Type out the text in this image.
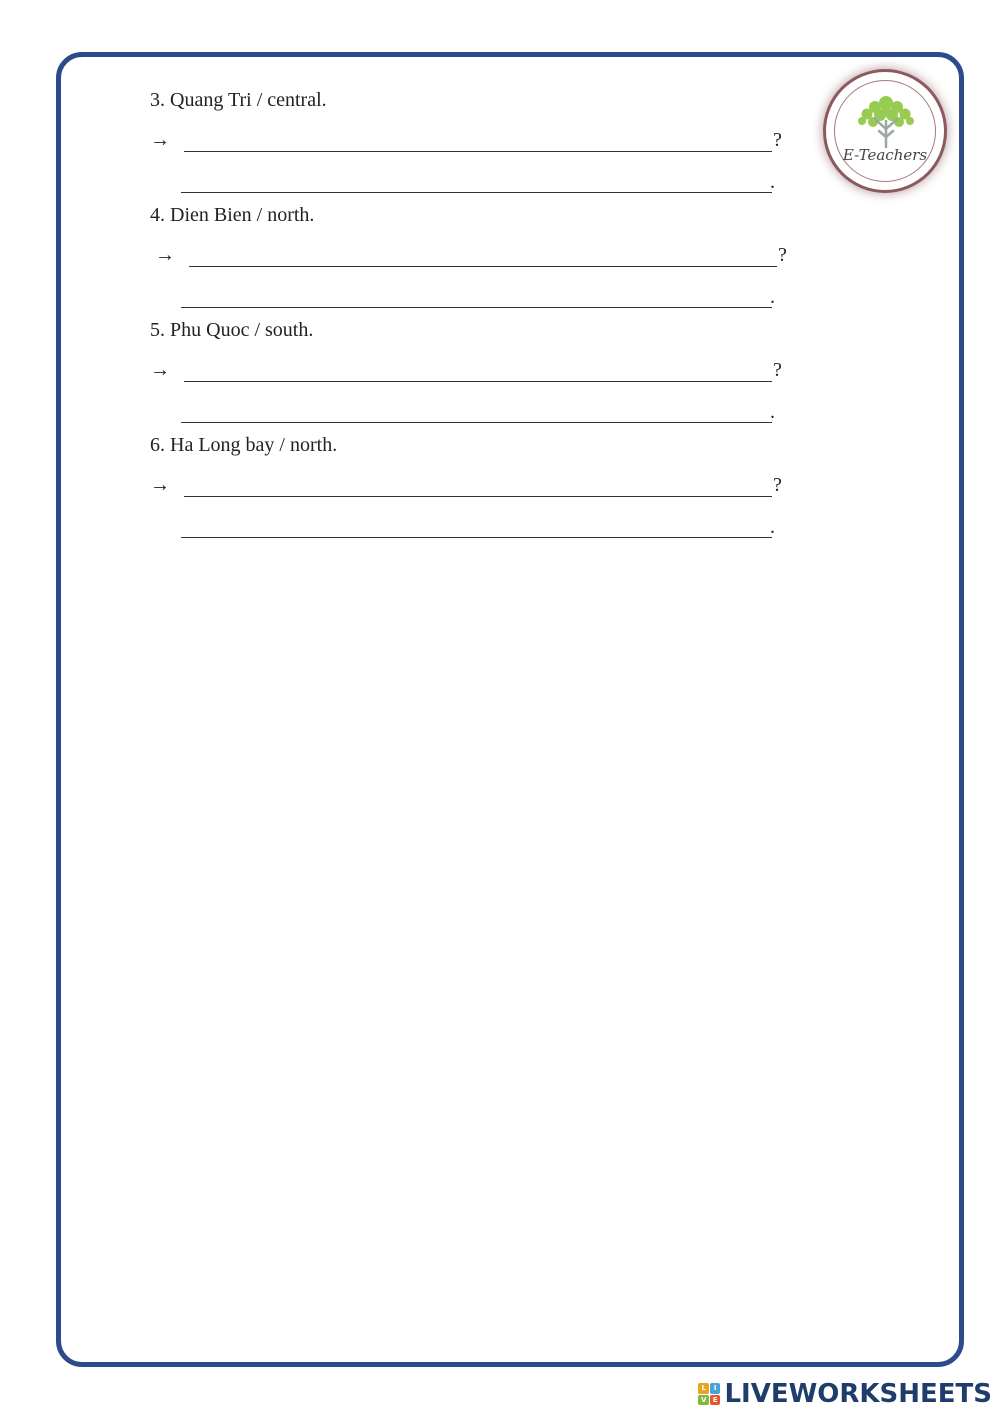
3. Quang Tri / central.
→	?
.
4. Dien Bien / north.
→	?
.
5. Phu Quoc / south.
→	?
.
6. Ha Long bay / north.
→	?
.
E-Teachers
L	I
V E LIVEWORKSHEETS
